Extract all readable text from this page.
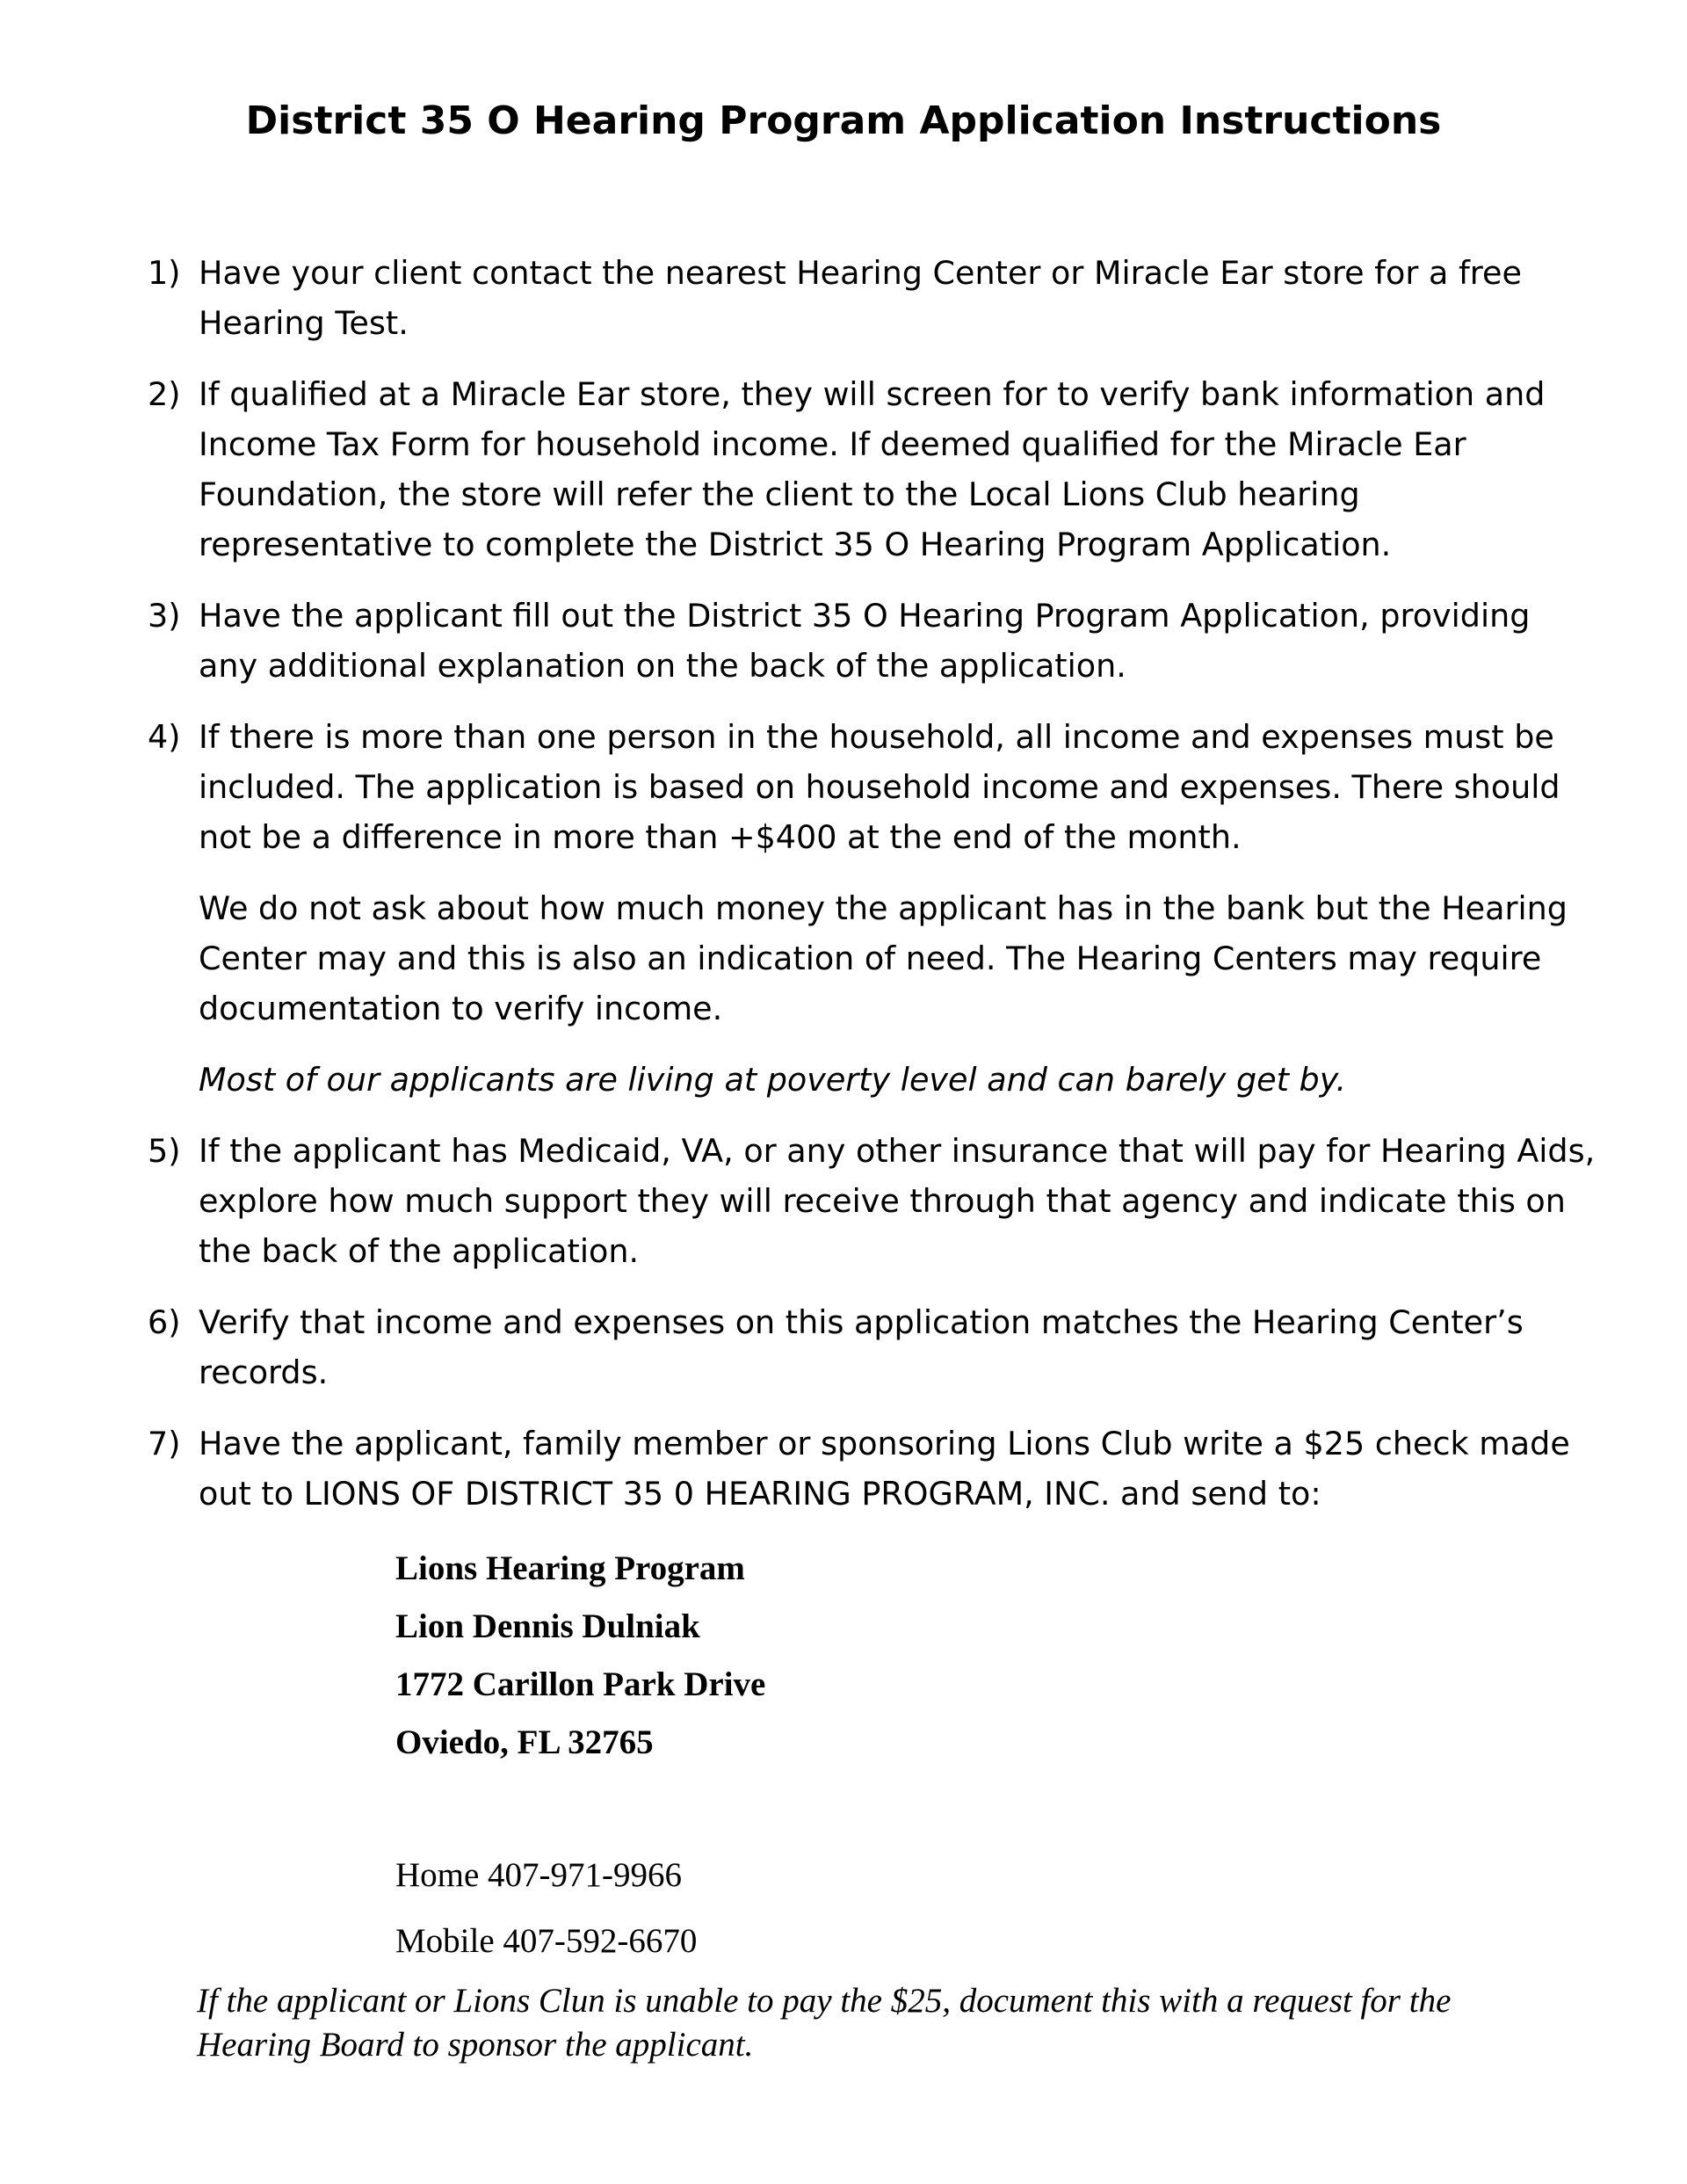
District 35 O Hearing Program Application Instructions
1) Have your client contact the nearest Hearing Center or Miracle Ear store for a free Hearing Test.

2) If qualified at a Miracle Ear store, they will screen for to verify bank information and Income Tax Form for household income. If deemed qualified for the Miracle Ear Foundation, the store will refer the client to the Local Lions Club hearing representative to complete the District 35 O Hearing Program Application.

3) Have the applicant fill out the District 35 O Hearing Program Application, providing any additional explanation on the back of the application.

4) If there is more than one person in the household, all income and expenses must be included. The application is based on household income and expenses. There should not be a difference in more than +$400 at the end of the month.

We do not ask about how much money the applicant has in the bank but the Hearing Center may and this is also an indication of need. The Hearing Centers may require documentation to verify income.

Most of our applicants are living at poverty level and can barely get by.

5) If the applicant has Medicaid, VA, or any other insurance that will pay for Hearing Aids, explore how much support they will receive through that agency and indicate this on the back of the application.

6) Verify that income and expenses on this application matches the Hearing Center’s records.

7) Have the applicant, family member or sponsoring Lions Club write a $25 check made out to LIONS OF DISTRICT 35 0 HEARING PROGRAM, INC. and send to:

Lions Hearing Program
Lion Dennis Dulniak
1772 Carillon Park Drive
Oviedo, FL 32765
Home 407-971-9966
Mobile 407-592-6670

If the applicant or Lions Clun is unable to pay the $25, document this with a request for the Hearing Board to sponsor the applicant.
